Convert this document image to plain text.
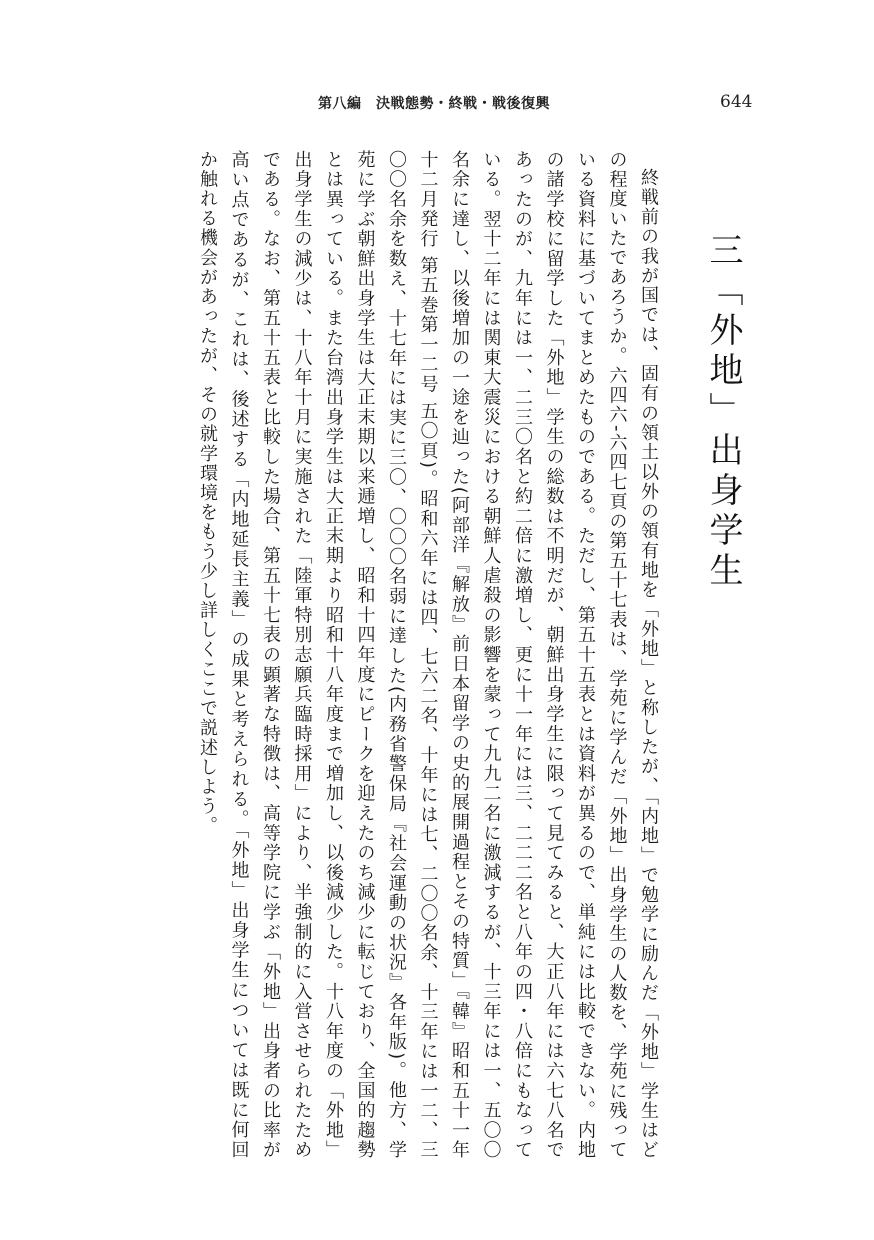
第八編　決戦態勢・終戦・戦後復興	644
三「外地」出身学生

終戦前の我が国では、固有の領土以外の領有地を「外地」と称したが、「内地」で勉学に励んだ「外地」学生はどの程度いたであろうか。六四六-六四七頁の第五十七表は、学苑に学んだ「外地」出身学生の人数を、学苑に残っている資料に基づいてまとめたものである。ただし、第五十五表とは資料が異るので、単純には比較できない。内地の諸学校に留学した「外地」学生の総数は不明だが、朝鮮出身学生に限って見てみると、大正八年には六七八名であったのが、九年には一、二三〇名と約二倍に激増し、更に十一年には三、二二二名と八年の四・八倍にもなっている。翌十二年には関東大震災における朝鮮人虐殺の影響を蒙って九九二名に激減するが、十三年には一、五〇〇名余に達し、以後増加の一途を辿った(阿部洋『解放』前日本留学の史的展開過程とその特質」『韓』昭和五十一年十二月発行 第五巻第一二号 五〇頁)。昭和六年には四、七六二名、十年には七、二〇〇名余、十三年には一二、三〇〇名余を数え、十七年には実に三〇、〇〇〇名弱に達した(内務省警保局『社会運動の状況』各年版)。他方、学苑に学ぶ朝鮮出身学生は大正末期以来逓増し、昭和十四年度にピークを迎えたのち減少に転じており、全国的趨勢とは異っている。また台湾出身学生は大正末期より昭和十八年度まで増加し、以後減少した。十八年度の「外地」出身学生の減少は、十八年十月に実施された「陸軍特別志願兵臨時採用」により、半強制的に入営させられたためである。なお、第五十五表と比較した場合、第五十七表の顕著な特徴は、高等学院に学ぶ「外地」出身者の比率が高い点であるが、これは、後述する「内地延長主義」の成果と考えられる。「外地」出身学生については既に何回か触れる機会があったが、その就学環境をもう少し詳しくここで説述しよう。
